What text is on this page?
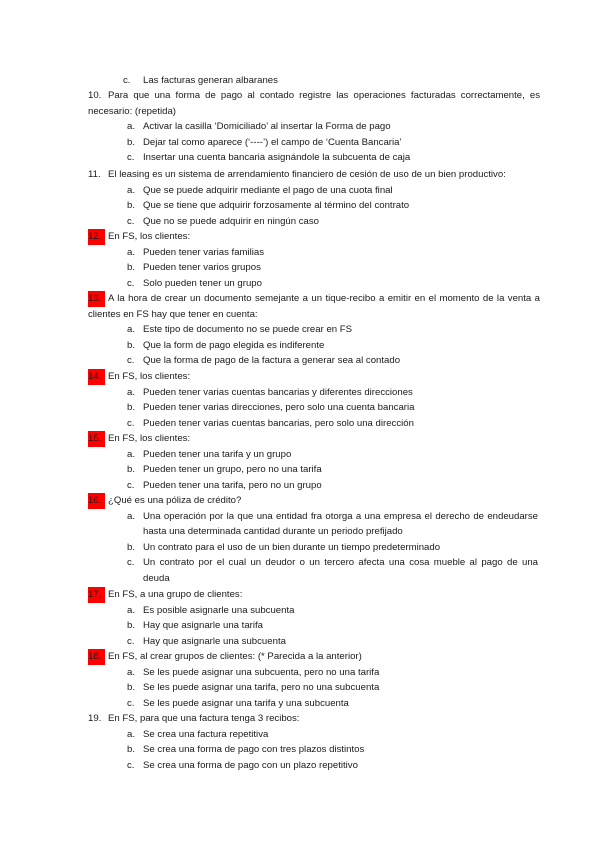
c. Las facturas generan albaranes
10. Para que una forma de pago al contado registre las operaciones facturadas correctamente, es necesario: (repetida)
a. Activar la casilla ‘Domiciliado’ al insertar la Forma de pago
b. Dejar tal como aparece (‘----’) el campo de ‘Cuenta Bancaria’
c. Insertar una cuenta bancaria asignándole la subcuenta de caja
11. El leasing es un sistema de arrendamiento financiero de cesión de uso de un bien productivo:
a. Que se puede adquirir mediante el pago de una cuota final
b. Que se tiene que adquirir forzosamente al término del contrato
c. Que no se puede adquirir en ningún caso
12. En FS, los clientes:
a. Pueden tener varias familias
b. Pueden tener varios grupos
c. Solo pueden tener un grupo
13. A la hora de crear un documento semejante a un tique-recibo a emitir en el momento de la venta a clientes en FS hay que tener en cuenta:
a. Este tipo de documento no se puede crear en FS
b. Que la form de pago elegida es indiferente
c. Que la forma de pago de la factura a generar sea al contado
14. En FS, los clientes:
a. Pueden tener varias cuentas bancarias y diferentes direcciones
b. Pueden tener varias direcciones, pero solo una cuenta bancaria
c. Pueden tener varias cuentas bancarias, pero solo una dirección
15. En FS, los clientes:
a. Pueden tener una tarifa y un grupo
b. Pueden tener un grupo, pero no una tarifa
c. Pueden tener una tarifa, pero no un grupo
16. ¿Qué es una póliza de crédito?
a. Una operación por la que una entidad fra otorga a una empresa el derecho de endeudarse hasta una determinada cantidad durante un periodo prefijado
b. Un contrato para el uso de un bien durante un tiempo predeterminado
c. Un contrato por el cual un deudor o un tercero afecta una cosa mueble al pago de una deuda
17. En FS, a una grupo de clientes:
a. Es posible asignarle una subcuenta
b. Hay que asignarle una tarifa
c. Hay que asignarle una subcuenta
18. En FS, al crear grupos de clientes: (* Parecida a la anterior)
a. Se les puede asignar una subcuenta, pero no una tarifa
b. Se les puede asignar una tarifa, pero no una subcuenta
c. Se les puede asignar una tarifa y una subcuenta
19. En FS, para que una factura tenga 3 recibos:
a. Se crea una factura repetitiva
b. Se crea una forma de pago con tres plazos distintos
c. Se crea una forma de pago con un plazo repetitivo
